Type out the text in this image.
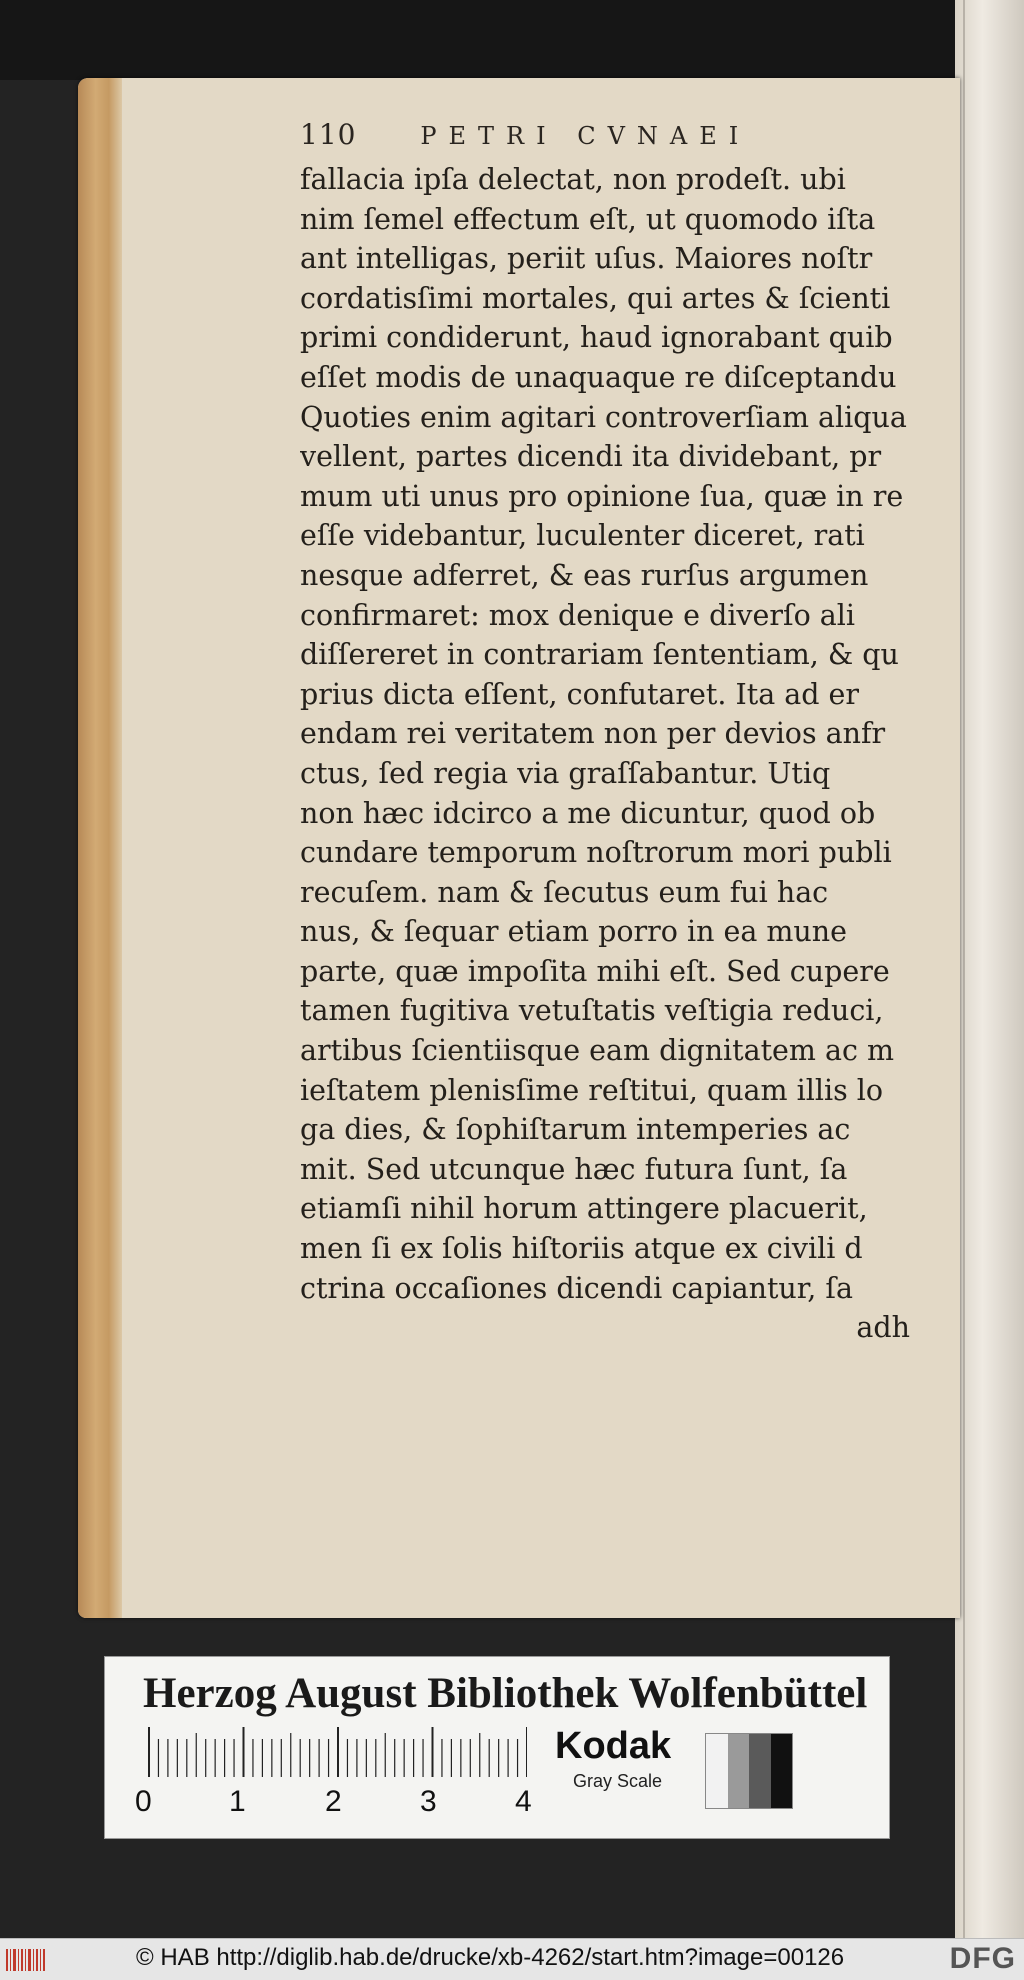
110	PETRI CVNAEI
fallacia ipſa delectat, non prodeſt. ubi
nim ſemel effectum eſt, ut quomodo iſta
ant intelligas, periit uſus. Maiores noſtr
cordatisſimi mortales, qui artes & ſcienti
primi condiderunt, haud ignorabant quib
eſſet modis de unaquaque re diſceptandu
Quoties enim agitari controverſiam aliqua
vellent, partes dicendi ita dividebant, pr
mum uti unus pro opinione ſua, quæ in re
eſſe videbantur, luculenter diceret, rati
nesque adferret, & eas rurſus argumen
confirmaret: mox denique e diverſo ali
diſſereret in contrariam ſententiam, & qu
prius dicta eſſent, confutaret. Ita ad er
endam rei veritatem non per devios anfr
ctus, ſed regia via graſſabantur. Utiq
non hæc idcirco a me dicuntur, quod ob
cundare temporum noſtrorum mori publi
recuſem. nam & ſecutus eum fui hac
nus, & ſequar etiam porro in ea mune
parte, quæ impoſita mihi eſt. Sed cupere
tamen fugitiva vetuſtatis veſtigia reduci,
artibus ſcientiisque eam dignitatem ac m
ieſtatem plenisſime reſtitui, quam illis lo
ga dies, & ſophiſtarum intemperies ac
mit. Sed utcunque hæc futura ſunt, ſa
etiamſi nihil horum attingere placuerit,
men ſi ex ſolis hiſtoriis atque ex civili d
ctrina occaſiones dicendi capiantur, ſa
adh
Herzog August Bibliothek Wolfenbüttel
0	1	2	3	4
Kodak
Gray Scale
© HAB http://diglib.hab.de/drucke/xb-4262/start.htm?image=00126	DFG
